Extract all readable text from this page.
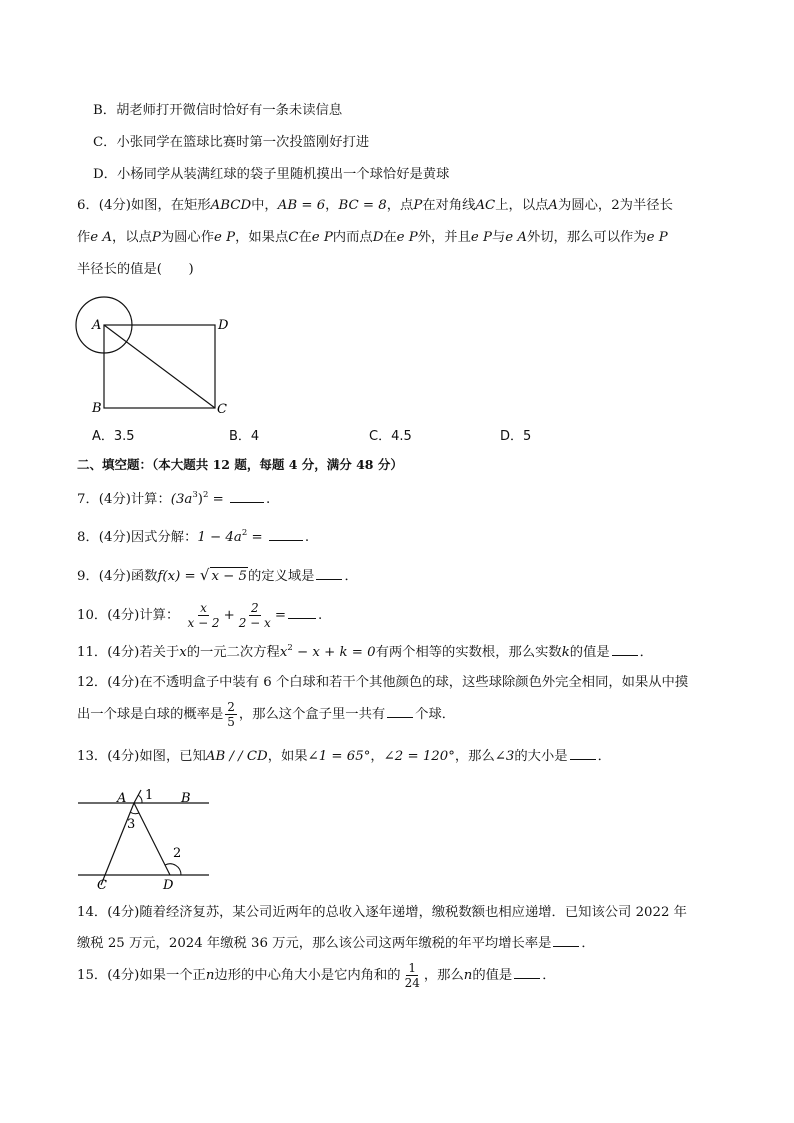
B．胡老师打开微信时恰好有一条未读信息
C．小张同学在篮球比赛时第一次投篮刚好打进
D．小杨同学从装满红球的袋子里随机摸出一个球恰好是黄球
6．(4分)如图，在矩形ABCD中，AB = 6，BC = 8，点P在对角线AC上，以点A为圆心，2为半径长
作e A，以点P为圆心作e P，如果点C在e P内而点D在e P外，并且e P与e A外切，那么可以作为e P
半径长的值是(　　)
A	D
B	C
A．3.5	B．4	C．4.5	D．5
二、填空题：（本大题共 12 题，每题 4 分，满分 48 分）
7．(4分)计算：$(3a^3)^2$ =	.
8．(4分)因式分解：$1 - 4a^2$ =	.
9．(4分)函数f(x) = √ x − 5的定义域是 ．
10．(4分)计算： $\frac{x}{x - 2} + \frac{2}{2 - x}$ = .
11．(4分)若关于x的一元二次方程$x^2 - x + k = 0$有两个相等的实数根，那么实数k的值是 ．
12．(4分)在不透明盒子中装有 6 个白球和若干个其他颜色的球，这些球除颜色外完全相同，如果从中摸
出一个球是白球的概率是 $\frac{2}{5}$ ，那么这个盒子里一共有 个球．
13．(4分)如图，已知AB / / CD，如果∠1 = 65°，∠2 = 120°，那么∠3的大小是 ．
A	B
C	D
1
3
2
14．(4分)随着经济复苏，某公司近两年的总收入逐年递增，缴税数额也相应递增．已知该公司 2022 年
缴税 25 万元，2024 年缴税 36 万元，那么该公司这两年缴税的年平均增长率是 ．
15．(4分)如果一个正n边形的中心角大小是它内角和的 $\frac{1}{24}$ ，那么n的值是 ．
